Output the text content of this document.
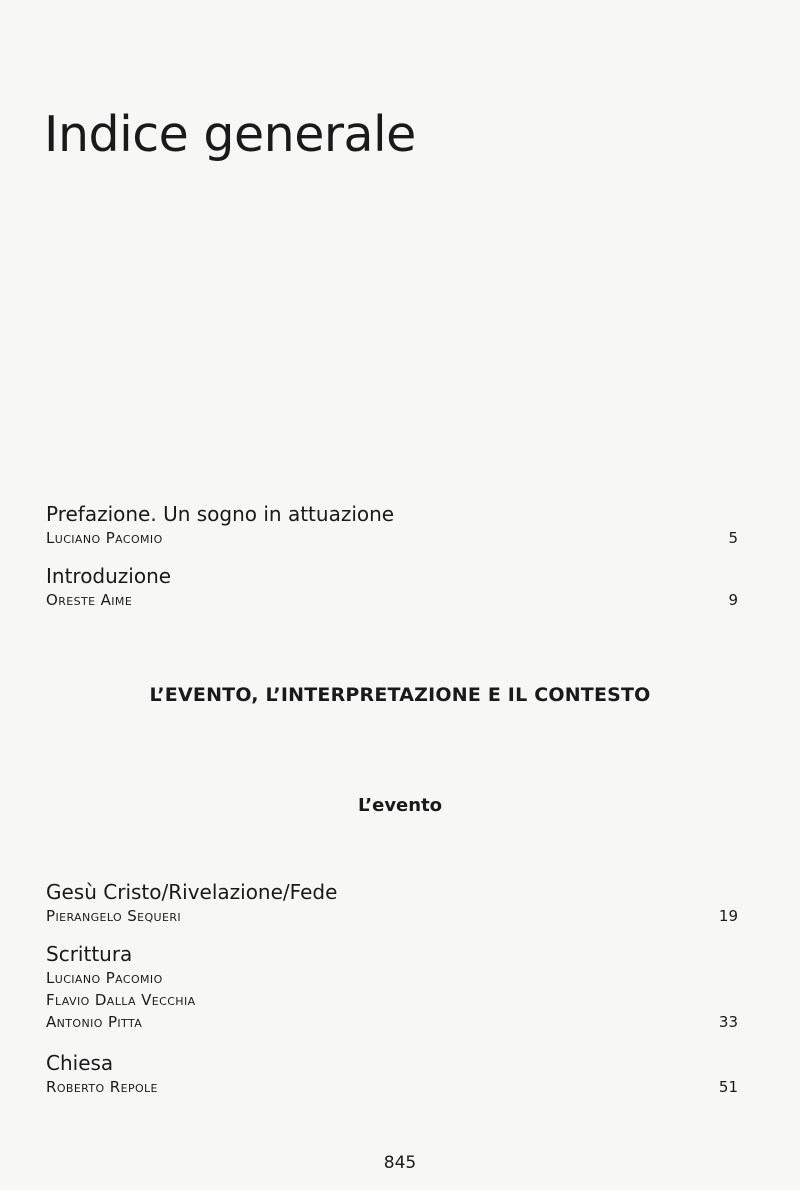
Indice generale
Prefazione. Un sogno in attuazione
Luciano Pacomio	5
Introduzione
Oreste Aime	9
L’EVENTO, L’INTERPRETAZIONE E IL CONTESTO
L’evento
Gesù Cristo/Rivelazione/Fede
Pierangelo Sequeri	19
Scrittura
Luciano Pacomio
Flavio Dalla Vecchia
Antonio Pitta	33
Chiesa
Roberto Repole	51
845
